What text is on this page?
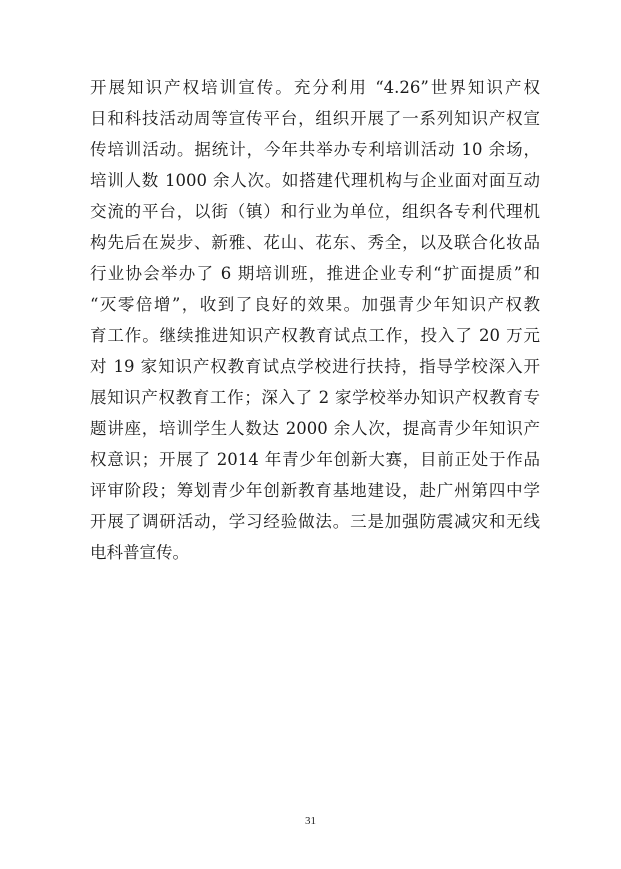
开展知识产权培训宣传。充分利用 “4.26”世界知识产权
日和科技活动周等宣传平台，组织开展了一系列知识产权宣
传培训活动。据统计，今年共举办专利培训活动 10 余场，
培训人数 1000 余人次。如搭建代理机构与企业面对面互动
交流的平台，以街（镇）和行业为单位，组织各专利代理机
构先后在炭步、新雅、花山、花东、秀全，以及联合化妆品
行业协会举办了 6 期培训班，推进企业专利“扩面提质”和
“灭零倍增”，收到了良好的效果。加强青少年知识产权教
育工作。继续推进知识产权教育试点工作，投入了 20 万元
对 19 家知识产权教育试点学校进行扶持，指导学校深入开
展知识产权教育工作；深入了 2 家学校举办知识产权教育专
题讲座，培训学生人数达 2000 余人次，提高青少年知识产
权意识；开展了 2014 年青少年创新大赛，目前正处于作品
评审阶段；筹划青少年创新教育基地建设，赴广州第四中学
开展了调研活动，学习经验做法。三是加强防震减灾和无线
电科普宣传。
31
